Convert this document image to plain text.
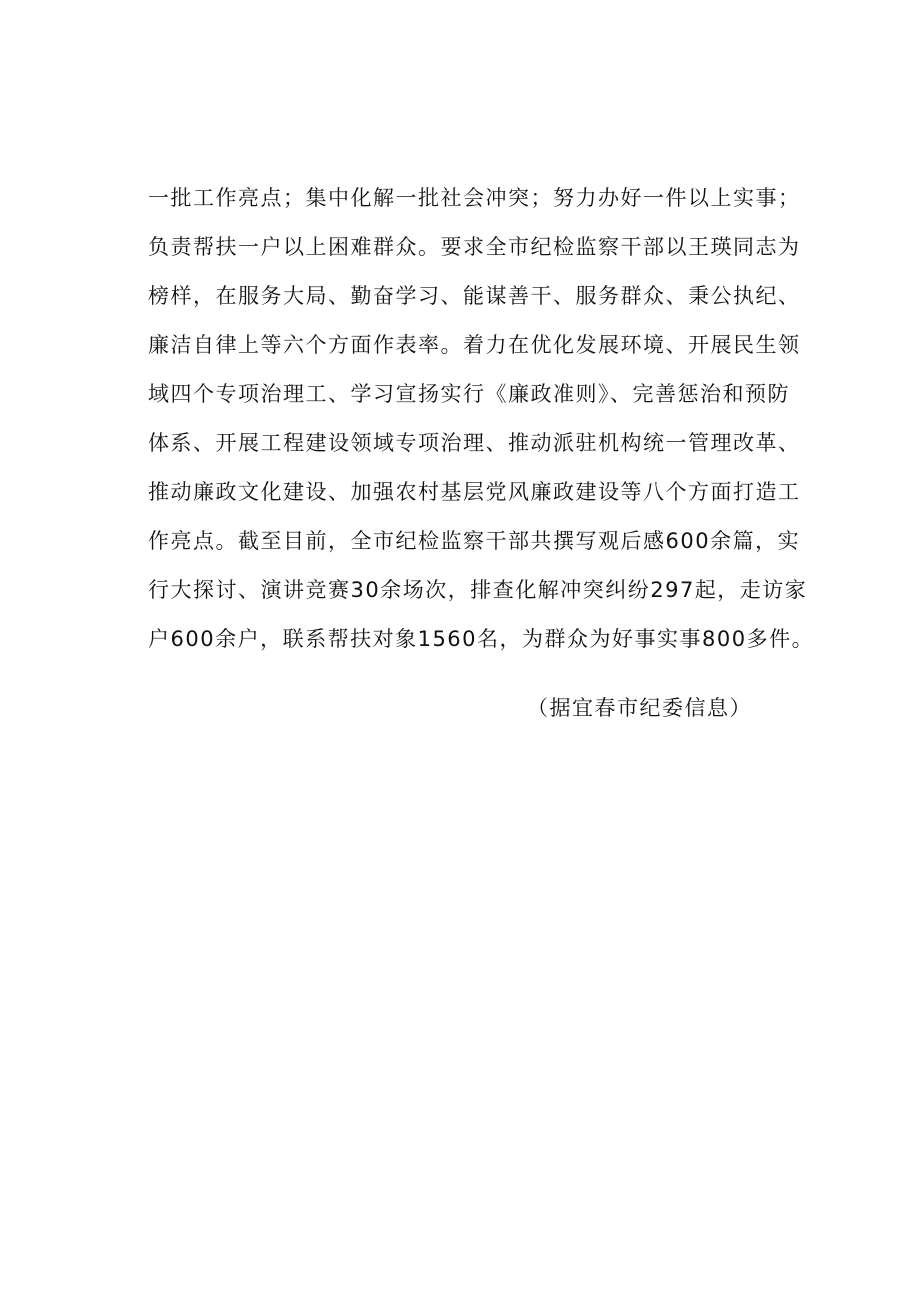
一批工作亮点；集中化解一批社会冲突；努力办好一件以上实事；
负责帮扶一户以上困难群众。要求全市纪检监察干部以王瑛同志为
榜样，在服务大局、勤奋学习、能谋善干、服务群众、秉公执纪、
廉洁自律上等六个方面作表率。着力在优化发展环境、开展民生领
域四个专项治理工、学习宣扬实行《廉政准则》、完善惩治和预防
体系、开展工程建设领域专项治理、推动派驻机构统一管理改革、
推动廉政文化建设、加强农村基层党风廉政建设等八个方面打造工
作亮点。截至目前，全市纪检监察干部共撰写观后感600余篇，实
行大探讨、演讲竞赛30余场次，排查化解冲突纠纷297起，走访家
户600余户，联系帮扶对象1560名，为群众为好事实事800多件。
（据宜春市纪委信息）
